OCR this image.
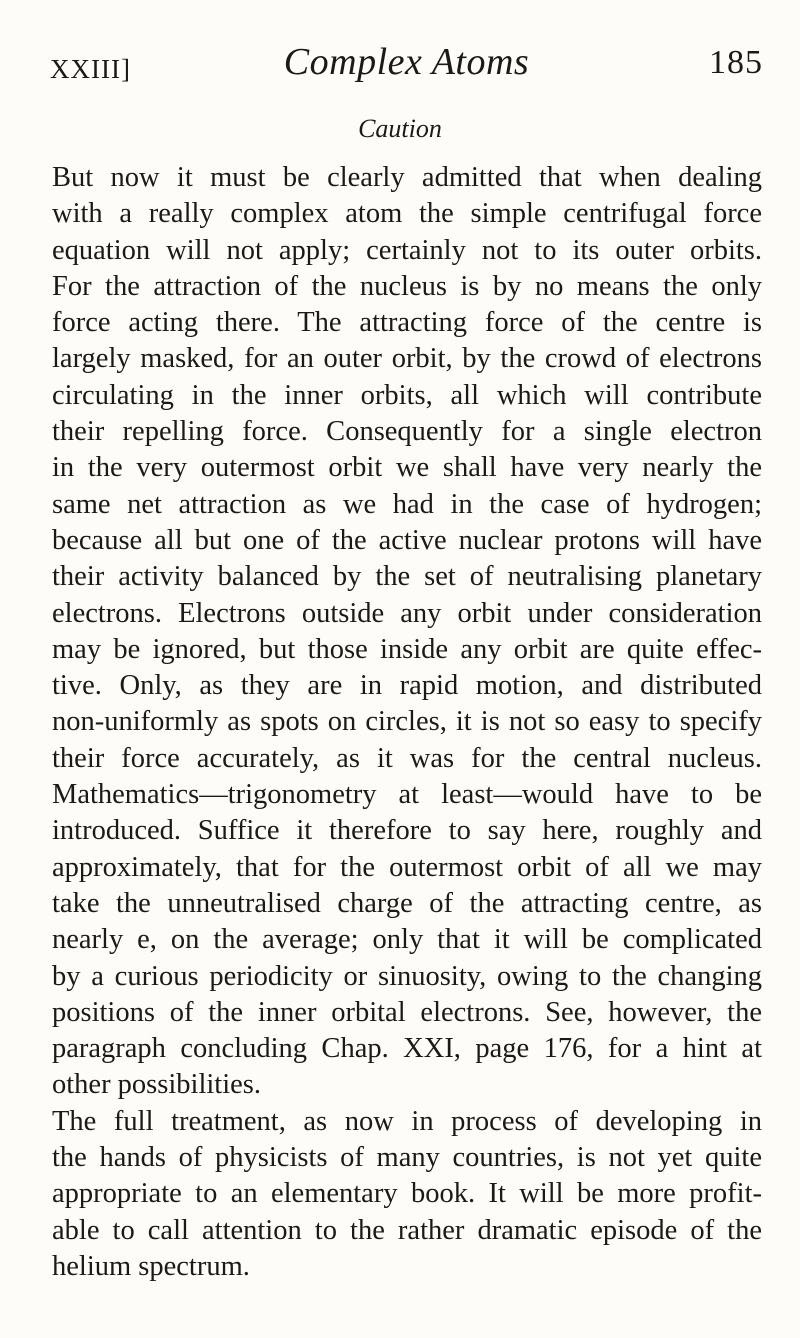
XXIII]	Complex Atoms	185
Caution
But now it must be clearly admitted that when dealing
with a really complex atom the simple centrifugal force
equation will not apply; certainly not to its outer orbits.
For the attraction of the nucleus is by no means the only
force acting there. The attracting force of the centre is
largely masked, for an outer orbit, by the crowd of electrons
circulating in the inner orbits, all which will contribute
their repelling force. Consequently for a single electron
in the very outermost orbit we shall have very nearly the
same net attraction as we had in the case of hydrogen;
because all but one of the active nuclear protons will have
their activity balanced by the set of neutralising planetary
electrons. Electrons outside any orbit under consideration
may be ignored, but those inside any orbit are quite effec-
tive. Only, as they are in rapid motion, and distributed
non-uniformly as spots on circles, it is not so easy to specify
their force accurately, as it was for the central nucleus.
Mathematics—trigonometry at least—would have to be
introduced. Suffice it therefore to say here, roughly and
approximately, that for the outermost orbit of all we may
take the unneutralised charge of the attracting centre, as
nearly e, on the average; only that it will be complicated
by a curious periodicity or sinuosity, owing to the changing
positions of the inner orbital electrons. See, however, the
paragraph concluding Chap. XXI, page 176, for a hint at
other possibilities.
The full treatment, as now in process of developing in
the hands of physicists of many countries, is not yet quite
appropriate to an elementary book. It will be more profit-
able to call attention to the rather dramatic episode of the
helium spectrum.
